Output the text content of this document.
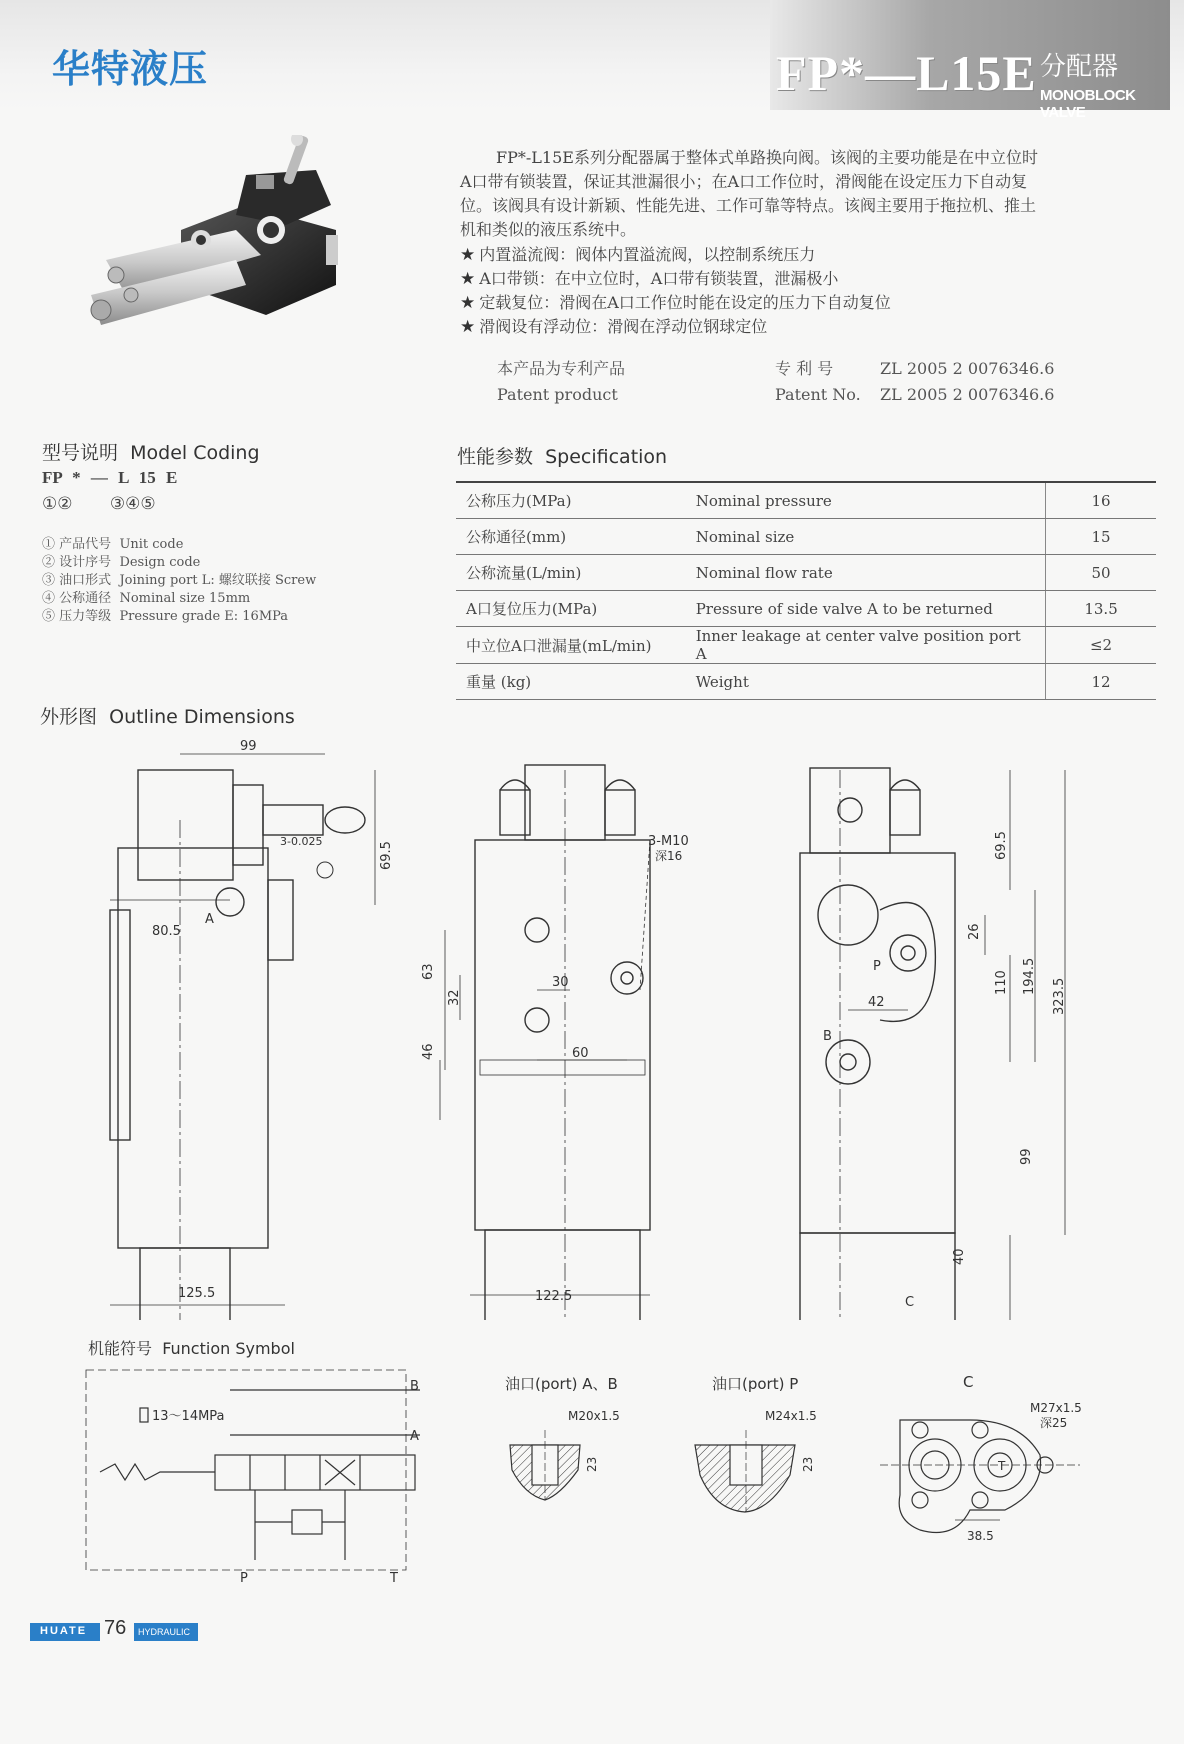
华特液压	FP*—L15E 分配器
MONOBLOCK VALVE
FP*-L15E系列分配器属于整体式单路换向阀。该阀的主要功能是在中立位时
A口带有锁装置，保证其泄漏很小；在A口工作位时，滑阀能在设定压力下自动复
位。该阀具有设计新颖、性能先进、工作可靠等特点。该阀主要用于拖拉机、推土
机和类似的液压系统中。
★ 内置溢流阀：阀体内置溢流阀，以控制系统压力
★ A口带锁：在中立位时，A口带有锁装置，泄漏极小
★ 定载复位：滑阀在A口工作位时能在设定的压力下自动复位
★ 滑阀设有浮动位：滑阀在浮动位钢球定位
本产品为专利产品
Patent product
专 利 号	ZL 2005 2 0076346.6
Patent No. ZL 2005 2 0076346.6
型号说明 Model Coding
FP * — L 15 E
①② ③④⑤
① 产品代号 Unit code
② 设计序号 Design code
③ 油口形式 Joining port L: 螺纹联接 Screw
④ 公称通径 Nominal size 15mm
⑤ 压力等级 Pressure grade E: 16MPa
性能参数 Specification
公称压力(MPa)	Nominal pressure	16
公称通径(mm)	Nominal size	15
公称流量(L/min)	Nominal flow rate	50
A口复位压力(MPa)	Pressure of side valve A to be returned	13.5
中立位A口泄漏量(mL/min)	Inner leakage at center valve position port A	≤2
重量 (kg)	Weight	12
外形图 Outline Dimensions
99
3-0.025	69.5
80.5
A
125.5
3-M10
深16
63
32
30
46	60
122.5
69.5
26
194.5
323.5
110
42
P
B
99
40
C
机能符号 Function Symbol
B
A
P	T
13～14MPa
油口(port) A、B	油口(port) P	C
M20x1.5
23
M24x1.5
23
M27x1.5
深25
38.5
T
HUATE 76 HYDRAULIC
